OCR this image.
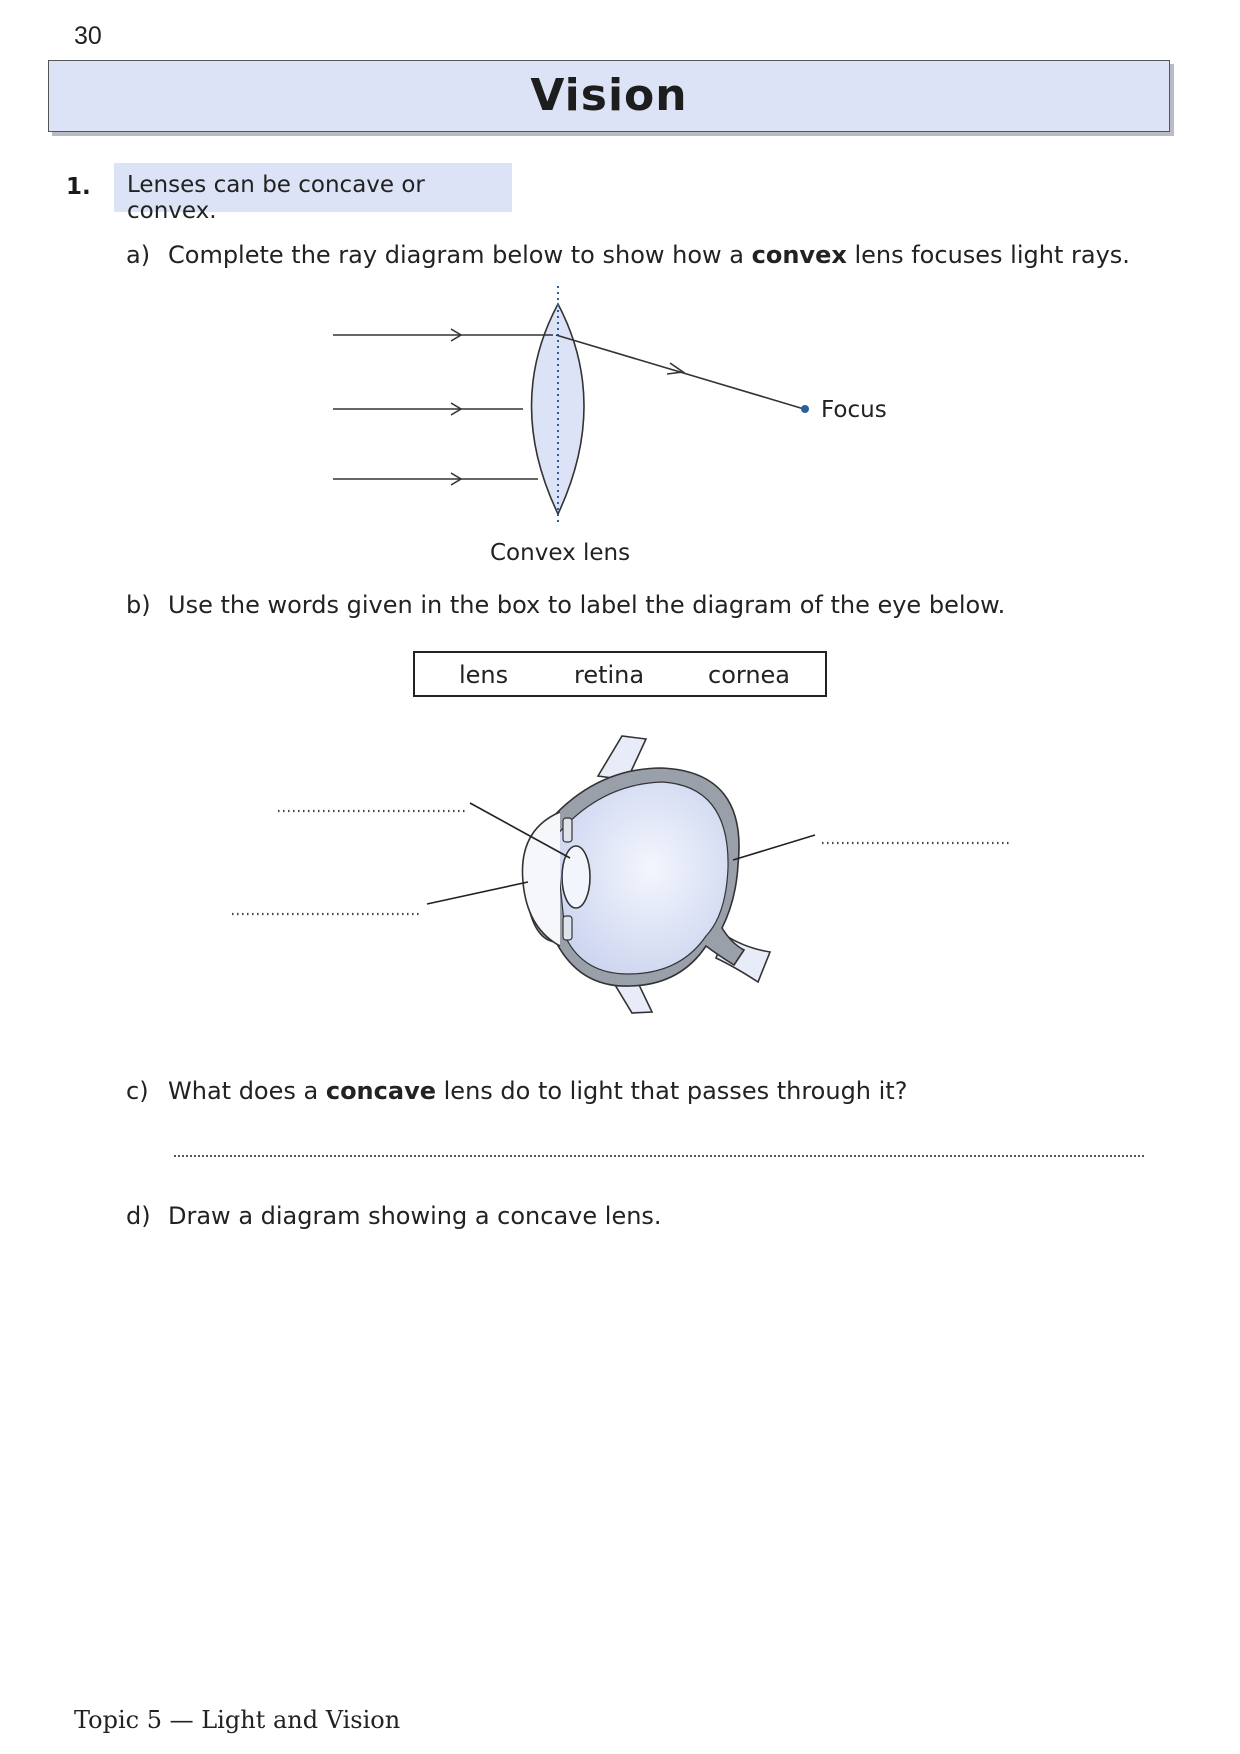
30
Vision
1.	Lenses can be concave or convex.
a) Complete the ray diagram below to show how a convex lens focuses light rays.
Focus
Convex lens
b) Use the words given in the box to label the diagram of the eye below.
lens	retina	cornea
c) What does a concave lens do to light that passes through it?
d) Draw a diagram showing a concave lens.
Topic 5 — Light and Vision
